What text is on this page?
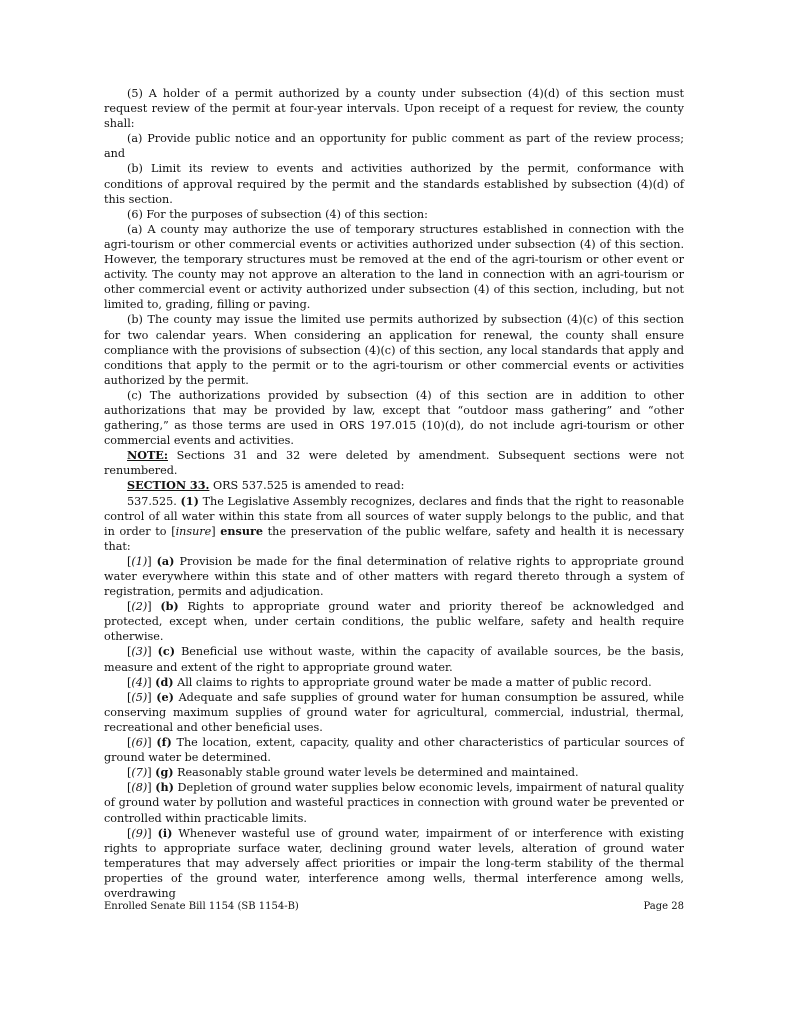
(5) A holder of a permit authorized by a county under subsection (4)(d) of this section must request review of the permit at four-year intervals. Upon receipt of a request for review, the county shall:

(a) Provide public notice and an opportunity for public comment as part of the review process; and

(b) Limit its review to events and activities authorized by the permit, conformance with conditions of approval required by the permit and the standards established by subsection (4)(d) of this section.

(6) For the purposes of subsection (4) of this section:

(a) A county may authorize the use of temporary structures established in connection with the agri-tourism or other commercial events or activities authorized under subsection (4) of this section. However, the temporary structures must be removed at the end of the agri-tourism or other event or activity. The county may not approve an alteration to the land in connection with an agri-tourism or other commercial event or activity authorized under subsection (4) of this section, including, but not limited to, grading, filling or paving.

(b) The county may issue the limited use permits authorized by subsection (4)(c) of this section for two calendar years. When considering an application for renewal, the county shall ensure compliance with the provisions of subsection (4)(c) of this section, any local standards that apply and conditions that apply to the permit or to the agri-tourism or other commercial events or activities authorized by the permit.

(c) The authorizations provided by subsection (4) of this section are in addition to other authorizations that may be provided by law, except that “outdoor mass gathering” and “other gathering,” as those terms are used in ORS 197.015 (10)(d), do not include agri-tourism or other commercial events and activities.

NOTE: Sections 31 and 32 were deleted by amendment. Subsequent sections were not renumbered.

SECTION 33. ORS 537.525 is amended to read:

537.525. (1) The Legislative Assembly recognizes, declares and finds that the right to reasonable control of all water within this state from all sources of water supply belongs to the public, and that in order to [insure] ensure the preservation of the public welfare, safety and health it is necessary that:

[(1)] (a) Provision be made for the final determination of relative rights to appropriate ground water everywhere within this state and of other matters with regard thereto through a system of registration, permits and adjudication.

[(2)] (b) Rights to appropriate ground water and priority thereof be acknowledged and protected, except when, under certain conditions, the public welfare, safety and health require otherwise.

[(3)] (c) Beneficial use without waste, within the capacity of available sources, be the basis, measure and extent of the right to appropriate ground water.

[(4)] (d) All claims to rights to appropriate ground water be made a matter of public record.

[(5)] (e) Adequate and safe supplies of ground water for human consumption be assured, while conserving maximum supplies of ground water for agricultural, commercial, industrial, thermal, recreational and other beneficial uses.

[(6)] (f) The location, extent, capacity, quality and other characteristics of particular sources of ground water be determined.

[(7)] (g) Reasonably stable ground water levels be determined and maintained.

[(8)] (h) Depletion of ground water supplies below economic levels, impairment of natural quality of ground water by pollution and wasteful practices in connection with ground water be prevented or controlled within practicable limits.

[(9)] (i) Whenever wasteful use of ground water, impairment of or interference with existing rights to appropriate surface water, declining ground water levels, alteration of ground water temperatures that may adversely affect priorities or impair the long-term stability of the thermal properties of the ground water, interference among wells, thermal interference among wells, overdrawing

Enrolled Senate Bill 1154 (SB 1154-B)	Page 28
